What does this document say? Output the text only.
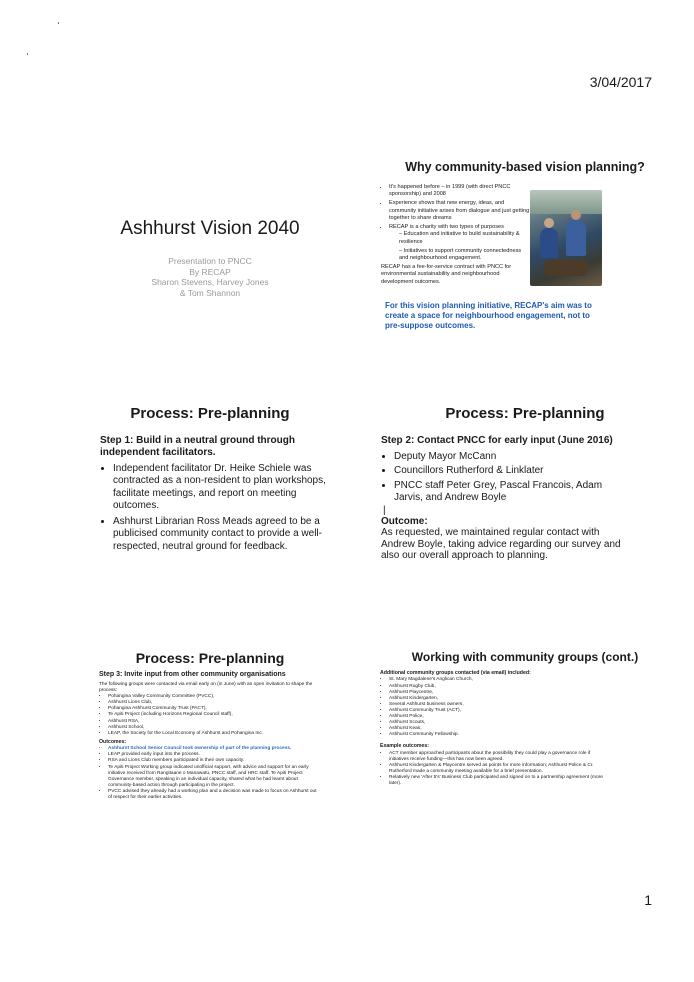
3/04/2017
1
Ashhurst Vision 2040
Presentation to PNCC
By RECAP
Sharon Stevens, Harvey Jones
& Tom Shannon
Why community-based vision planning?
• It's happened before – in 1999 (with direct PNCC sponsorship) and 2008
• Experience shows that new energy, ideas, and community initiative arises from dialogue and just getting together to share dreams
• RECAP is a charity with two types of purposes
– Education and initiative to build sustainability & resilience
– Initiatives to support community connectedness and neighbourhood engagement.
RECAP has a fee-for-service contract with PNCC for environmental sustainability and neighbourhood development outcomes.
For this vision planning initiative, RECAP's aim was to create a space for neighbourhood engagement, not to pre-suppose outcomes.
Process: Pre-planning

Step 1: Build in a neutral ground through independent facilitators.

• Independent facilitator Dr. Heike Schiele was contracted as a non-resident to plan workshops, facilitate meetings, and report on meeting outcomes.
• Ashhurst Librarian Ross Meads agreed to be a publicised community contact to provide a well-respected, neutral ground for feedback.
Process: Pre-planning

Step 2: Contact PNCC for early input (June 2016)

• Deputy Mayor McCann
• Councillors Rutherford & Linklater
• PNCC staff Peter Grey, Pascal Francois, Adam Jarvis, and Andrew Boyle

|

Outcome:

As requested, we maintained regular contact with Andrew Boyle, taking advice regarding our survey and also our overall approach to planning.

Process: Pre-planning

Step 3: Invite input from other community organisations

The following groups were contacted via email early on (in June) with an open invitation to shape the process:

• Pohangina Valley Community Committee (PVCC),
• Ashhurst Lions Club,
• Pohangina Ashhurst Community Trust (PACT),
• Te Apiti Project (including Horizons Regional Council staff),
• Ashhurst RSA,
• Ashhurst School,
• LEAP, the Society for the Local Economy of Ashhurst and Pohangina Inc.

Outcomes:

• Ashhurst School Senior Council took ownership of part of the planning process.
• LEAP provided early input into the process.
• RSA and Lions Club members participated in their own capacity.
• Te Apiti Project Working group indicated unofficial support, with advice and support for an early initiative received from Rangitaane o Manawatu, PNCC staff, and HRC staff. Te Apiti Project Governance member, speaking in an individual capacity, shared what he had learnt about community-based action through participating in the project.
• PVCC advised they already had a working plan and a decision was made to focus on Ashhurst out of respect for their earlier activities.
Working with community groups (cont.)

Additional community groups contacted (via email) included:

• St. Mary Magdalene's Anglican Church,
• Ashhurst Rugby Club,
• Ashhurst Playcentre,
• Ashhurst Kindergarten,
• Several Ashhurst business owners,
• Ashhurst Community Trust (ACT),
• Ashhurst Police,
• Ashhurst Scouts,
• Ashhurst Keas,
• Ashhurst Community Fellowship.

Example outcomes:

• ACT member approached participants about the possibility they could play a governance role if initiatives receive funding—this has now been agreed.
• Ashhurst Kindergarten & Playcentre served as points for more information; Ashhurst Police & Cr. Rutherford made a community meeting available for a brief presentation.
• Relatively new 'After 5's' Business Club participated and signed on to a partnership agreement (more later).
